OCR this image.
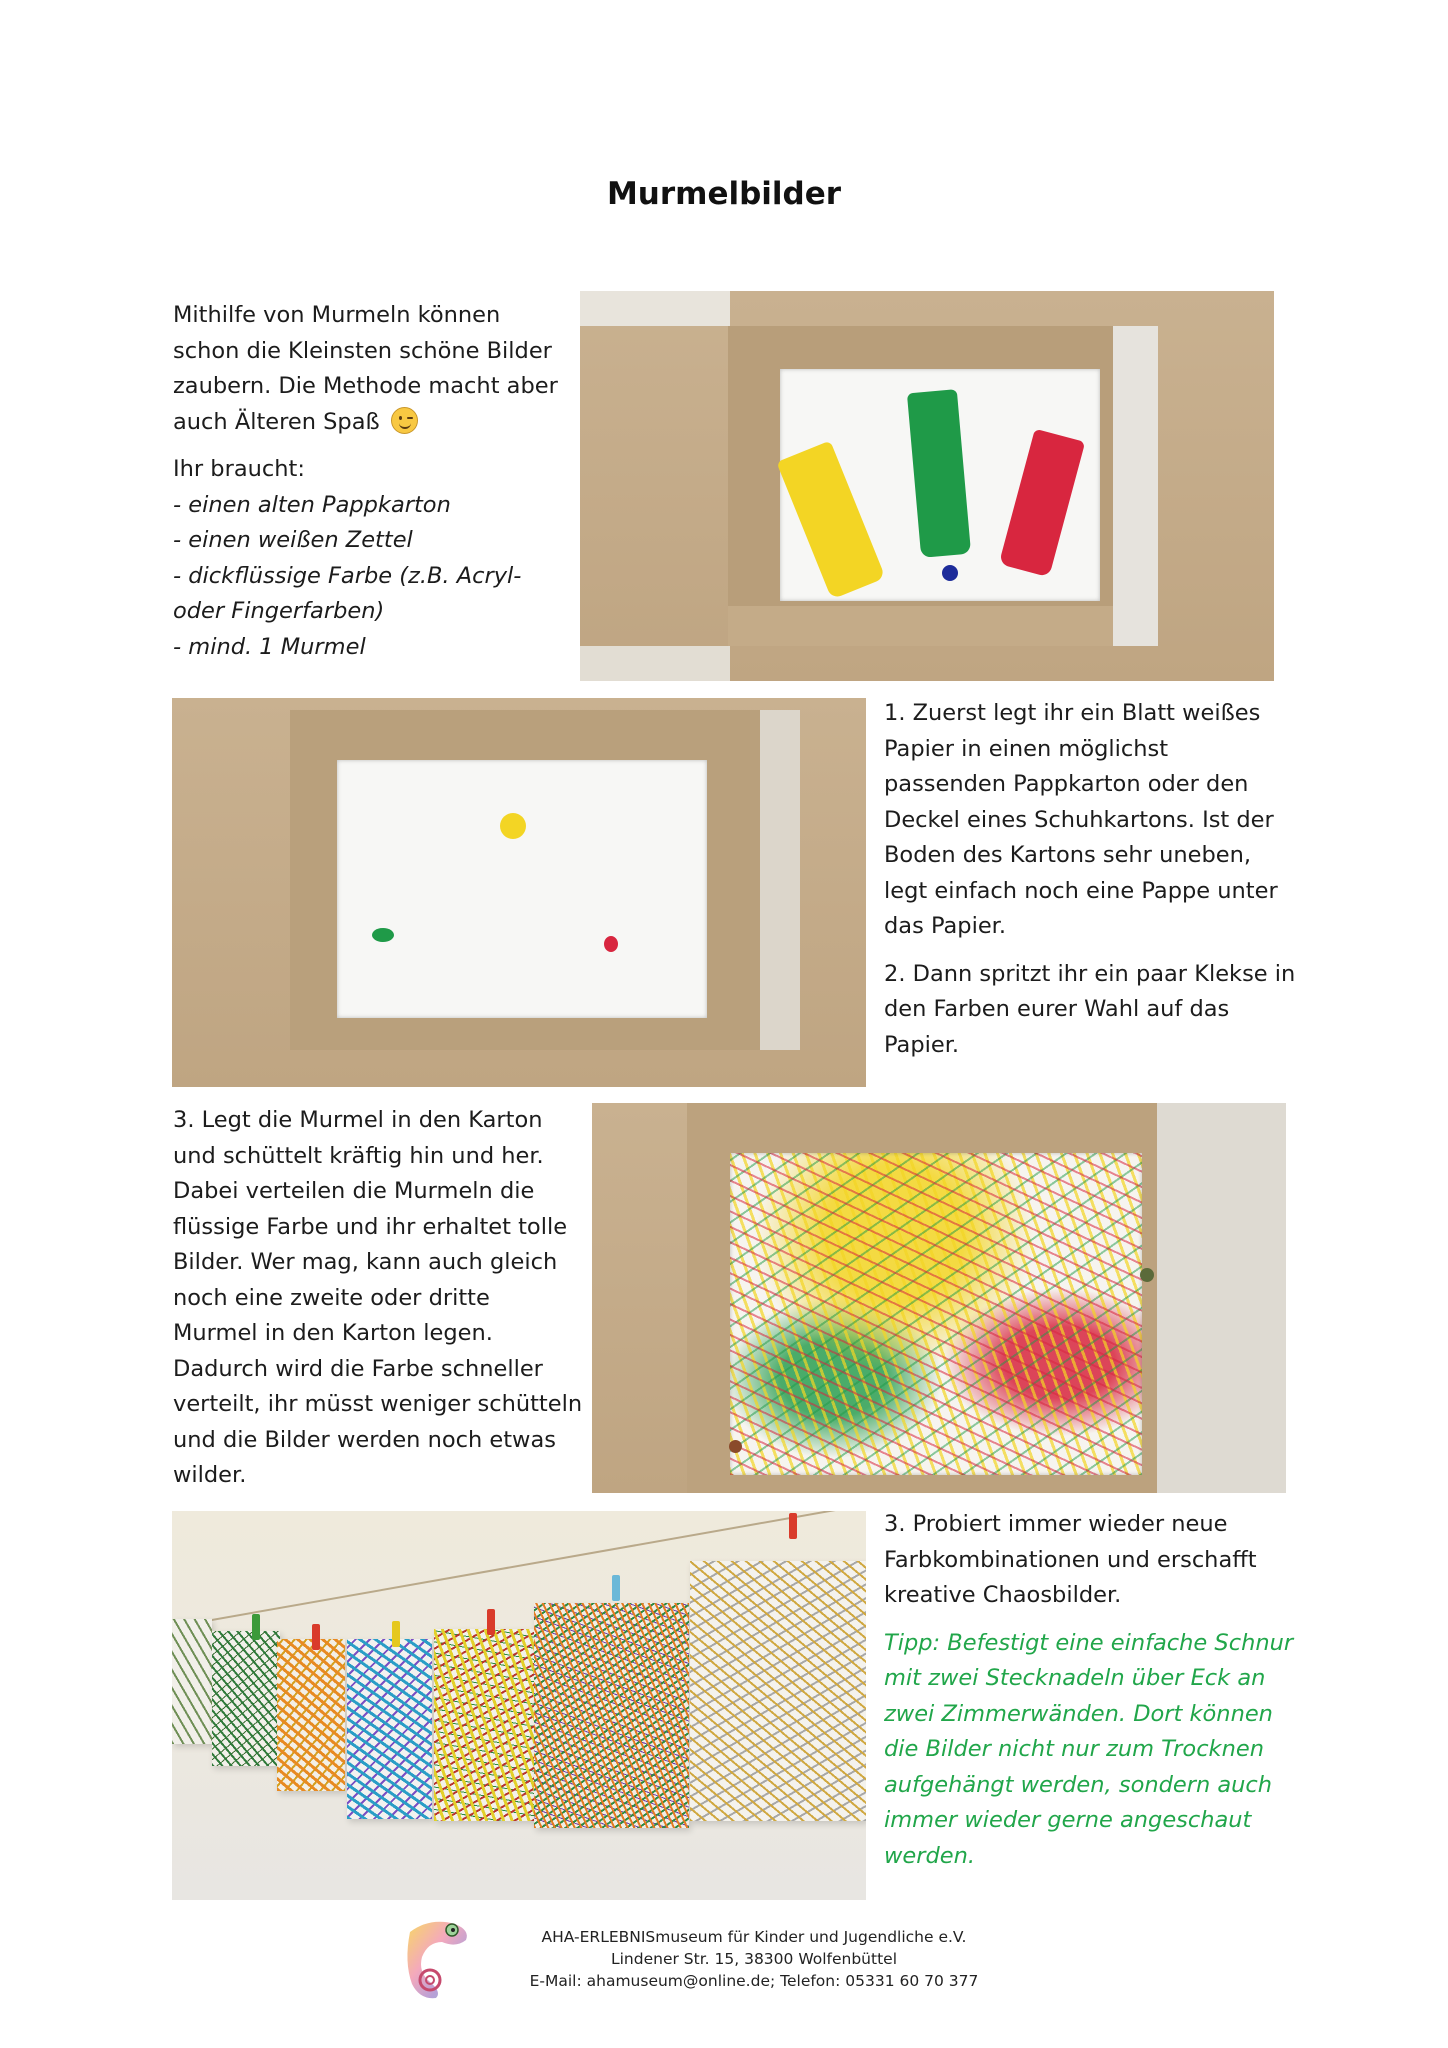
Murmelbilder

Mithilfe von Murmeln können
schon die Kleinsten schöne Bilder
zaubern. Die Methode macht aber
auch Älteren Spaß

Ihr braucht:
- einen alten Pappkarton
- einen weißen Zettel
- dickflüssige Farbe (z.B. Acryl-
oder Fingerfarben)
- mind. 1 Murmel

1. Zuerst legt ihr ein Blatt weißes
Papier in einen möglichst
passenden Pappkarton oder den
Deckel eines Schuhkartons. Ist der
Boden des Kartons sehr uneben,
legt einfach noch eine Pappe unter
das Papier.

2. Dann spritzt ihr ein paar Klekse in
den Farben eurer Wahl auf das
Papier.

3. Legt die Murmel in den Karton
und schüttelt kräftig hin und her.
Dabei verteilen die Murmeln die
flüssige Farbe und ihr erhaltet tolle
Bilder. Wer mag, kann auch gleich
noch eine zweite oder dritte
Murmel in den Karton legen.
Dadurch wird die Farbe schneller
verteilt, ihr müsst weniger schütteln
und die Bilder werden noch etwas
wilder.

3. Probiert immer wieder neue
Farbkombinationen und erschafft
kreative Chaosbilder.

Tipp: Befestigt eine einfache Schnur
mit zwei Stecknadeln über Eck an
zwei Zimmerwänden. Dort können
die Bilder nicht nur zum Trocknen
aufgehängt werden, sondern auch
immer wieder gerne angeschaut
werden.

AHA-ERLEBNISmuseum für Kinder und Jugendliche e.V.
Lindener Str. 15, 38300 Wolfenbüttel
E-Mail: ahamuseum@online.de; Telefon: 05331 60 70 377
